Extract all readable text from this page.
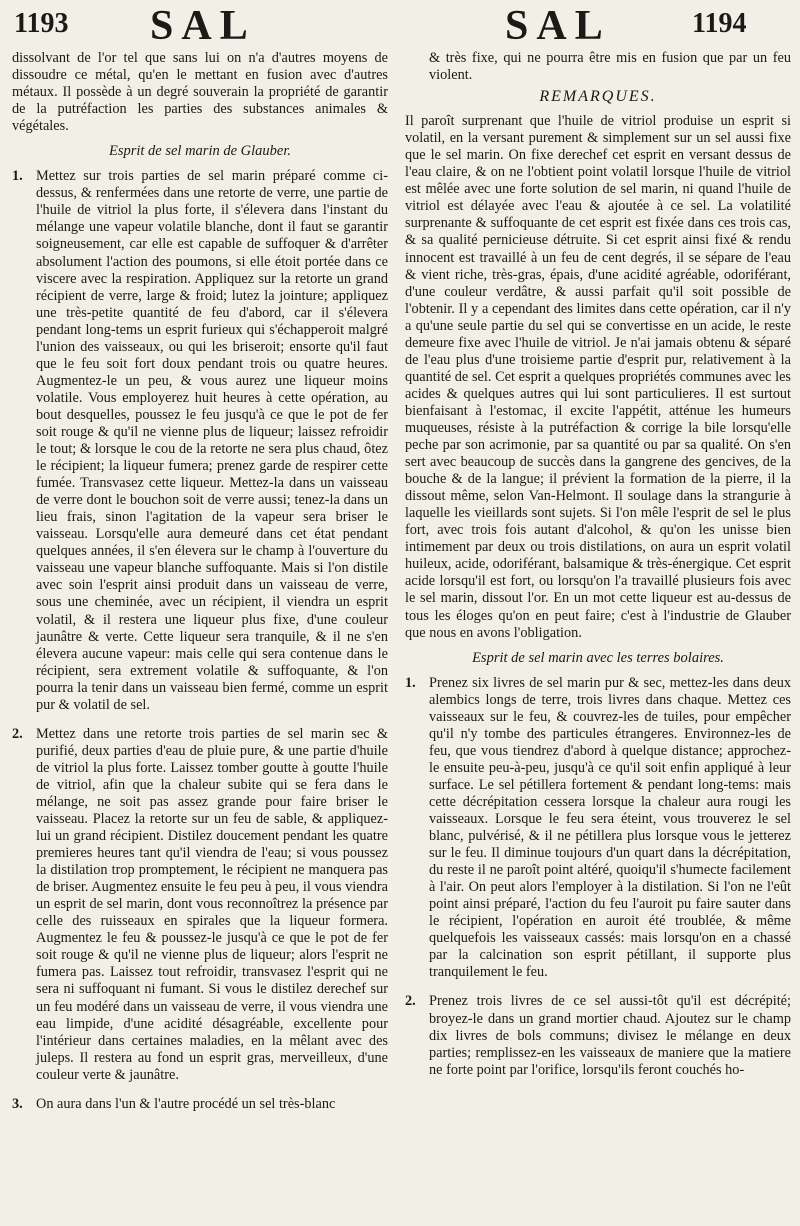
1193 SAL	SAL	1194

dissolvant de l'or tel que sans lui on n'a d'autres moyens de dissoudre ce métal, qu'en le mettant en fusion avec d'autres métaux. Il possède à un degré souverain la propriété de garantir de la putréfaction les parties des substances animales & végétales.

Esprit de sel marin de Glauber.

1. Mettez sur trois parties de sel marin préparé comme ci-dessus, & renfermées dans une retorte de verre, une partie de l'huile de vitriol la plus forte, il s'élevera dans l'instant du mélange une vapeur volatile blanche, dont il faut se garantir soigneusement, car elle est capable de suffoquer & d'arrêter absolument l'action des poumons, si elle étoit portée dans ce viscere avec la respiration. Appliquez sur la retorte un grand récipient de verre, large & froid; lutez la jointure; appliquez une très-petite quantité de feu d'abord, car il s'élevera pendant long-tems un esprit furieux qui s'échapperoit malgré l'union des vaisseaux, ou qui les briseroit; ensorte qu'il faut que le feu soit fort doux pendant trois ou quatre heures. Augmentez-le un peu, & vous aurez une liqueur moins volatile. Vous employerez huit heures à cette opération, au bout desquelles, poussez le feu jusqu'à ce que le pot de fer soit rouge & qu'il ne vienne plus de liqueur; laissez refroidir le tout; & lorsque le cou de la retorte ne sera plus chaud, ôtez le récipient; la liqueur fumera; prenez garde de respirer cette fumée. Transvasez cette liqueur. Mettez-la dans un vaisseau de verre dont le bouchon soit de verre aussi; tenez-la dans un lieu frais, sinon l'agitation de la vapeur sera briser le vaisseau. Lorsqu'elle aura demeuré dans cet état pendant quelques années, il s'en élevera sur le champ à l'ouverture du vaisseau une vapeur blanche suffoquante. Mais si l'on distile avec soin l'esprit ainsi produit dans un vaisseau de verre, sous une cheminée, avec un récipient, il viendra un esprit volatil, & il restera une liqueur plus fixe, d'une couleur jaunâtre & verte. Cette liqueur sera tranquile, & il ne s'en élevera aucune vapeur: mais celle qui sera contenue dans le récipient, sera extrement volatile & suffoquante, & l'on pourra la tenir dans un vaisseau bien fermé, comme un esprit pur & volatil de sel.

2. Mettez dans une retorte trois parties de sel marin sec & purifié, deux parties d'eau de pluie pure, & une partie d'huile de vitriol la plus forte. Laissez tomber goutte à goutte l'huile de vitriol, afin que la chaleur subite qui se fera dans le mélange, ne soit pas assez grande pour faire briser le vaisseau. Placez la retorte sur un feu de sable, & appliquez-lui un grand récipient. Distilez doucement pendant les quatre premieres heures tant qu'il viendra de l'eau; si vous poussez la distilation trop promptement, le récipient ne manquera pas de briser. Augmentez ensuite le feu peu à peu, il vous viendra un esprit de sel marin, dont vous reconnoîtrez la présence par celle des ruisseaux en spirales que la liqueur formera. Augmentez le feu & poussez-le jusqu'à ce que le pot de fer soit rouge & qu'il ne vienne plus de liqueur; alors l'esprit ne fumera pas. Laissez tout refroidir, transvasez l'esprit qui ne sera ni suffoquant ni fumant. Si vous le distilez derechef sur un feu modéré dans un vaisseau de verre, il vous viendra une eau limpide, d'une acidité désagréable, excellente pour l'intérieur dans certaines maladies, en la mêlant avec des juleps. Il restera au fond un esprit gras, merveilleux, d'une couleur verte & jaunâtre.

3. On aura dans l'un & l'autre procédé un sel très-blanc

& très fixe, qui ne pourra être mis en fusion que par un feu violent.

REMARQUES.

Il paroît surprenant que l'huile de vitriol produise un esprit si volatil, en la versant purement & simplement sur un sel aussi fixe que le sel marin. On fixe derechef cet esprit en versant dessus de l'eau claire, & on ne l'obtient point volatil lorsque l'huile de vitriol est mêlée avec une forte solution de sel marin, ni quand l'huile de vitriol est délayée avec l'eau & ajoutée à ce sel. La volatilité surprenante & suffoquante de cet esprit est fixée dans ces trois cas, & sa qualité pernicieuse détruite. Si cet esprit ainsi fixé & rendu innocent est travaillé à un feu de cent degrés, il se sépare de l'eau & vient riche, très-gras, épais, d'une acidité agréable, odoriférant, d'une couleur verdâtre, & aussi parfait qu'il soit possible de l'obtenir. Il y a cependant des limites dans cette opération, car il n'y a qu'une seule partie du sel qui se convertisse en un acide, le reste demeure fixe avec l'huile de vitriol. Je n'ai jamais obtenu & séparé de l'eau plus d'une troisieme partie d'esprit pur, relativement à la quantité de sel. Cet esprit a quelques propriétés communes avec les acides & quelques autres qui lui sont particulieres. Il est surtout bienfaisant à l'estomac, il excite l'appétit, atténue les humeurs muqueuses, résiste à la putréfaction & corrige la bile lorsqu'elle peche par son acrimonie, par sa quantité ou par sa qualité. On s'en sert avec beaucoup de succès dans la gangrene des gencives, de la bouche & de la langue; il prévient la formation de la pierre, il la dissout même, selon Van-Helmont. Il soulage dans la strangurie à laquelle les vieillards sont sujets. Si l'on mêle l'esprit de sel le plus fort, avec trois fois autant d'alcohol, & qu'on les unisse bien intimement par deux ou trois distilations, on aura un esprit volatil huileux, acide, odoriférant, balsamique & très-énergique. Cet esprit acide lorsqu'il est fort, ou lorsqu'on l'a travaillé plusieurs fois avec le sel marin, dissout l'or. En un mot cette liqueur est au-dessus de tous les éloges qu'on en peut faire; c'est à l'industrie de Glauber que nous en avons l'obligation.

Esprit de sel marin avec les terres bolaires.

1. Prenez six livres de sel marin pur & sec, mettez-les dans deux alembics longs de terre, trois livres dans chaque. Mettez ces vaisseaux sur le feu, & couvrez-les de tuiles, pour empêcher qu'il n'y tombe des particules étrangeres. Environnez-les de feu, que vous tiendrez d'abord à quelque distance; approchez-le ensuite peu-à-peu, jusqu'à ce qu'il soit enfin appliqué à leur surface. Le sel pétillera fortement & pendant long-tems: mais cette décrépitation cessera lorsque la chaleur aura rougi les vaisseaux. Lorsque le feu sera éteint, vous trouverez le sel blanc, pulvérisé, & il ne pétillera plus lorsque vous le jetterez sur le feu. Il diminue toujours d'un quart dans la décrépitation, du reste il ne paroît point altéré, quoiqu'il s'humecte facilement à l'air. On peut alors l'employer à la distilation. Si l'on ne l'eût point ainsi préparé, l'action du feu l'auroit pu faire sauter dans le récipient, l'opération en auroit été troublée, & même quelquefois les vaisseaux cassés: mais lorsqu'on en a chassé par la calcination son esprit pétillant, il supporte plus tranquilement le feu.

2. Prenez trois livres de ce sel aussi-tôt qu'il est décrépité; broyez-le dans un grand mortier chaud. Ajoutez sur le champ dix livres de bols communs; divisez le mélange en deux parties; remplissez-en les vaisseaux de maniere que la matiere ne forte point par l'orifice, lorsqu'ils feront couchés ho-
